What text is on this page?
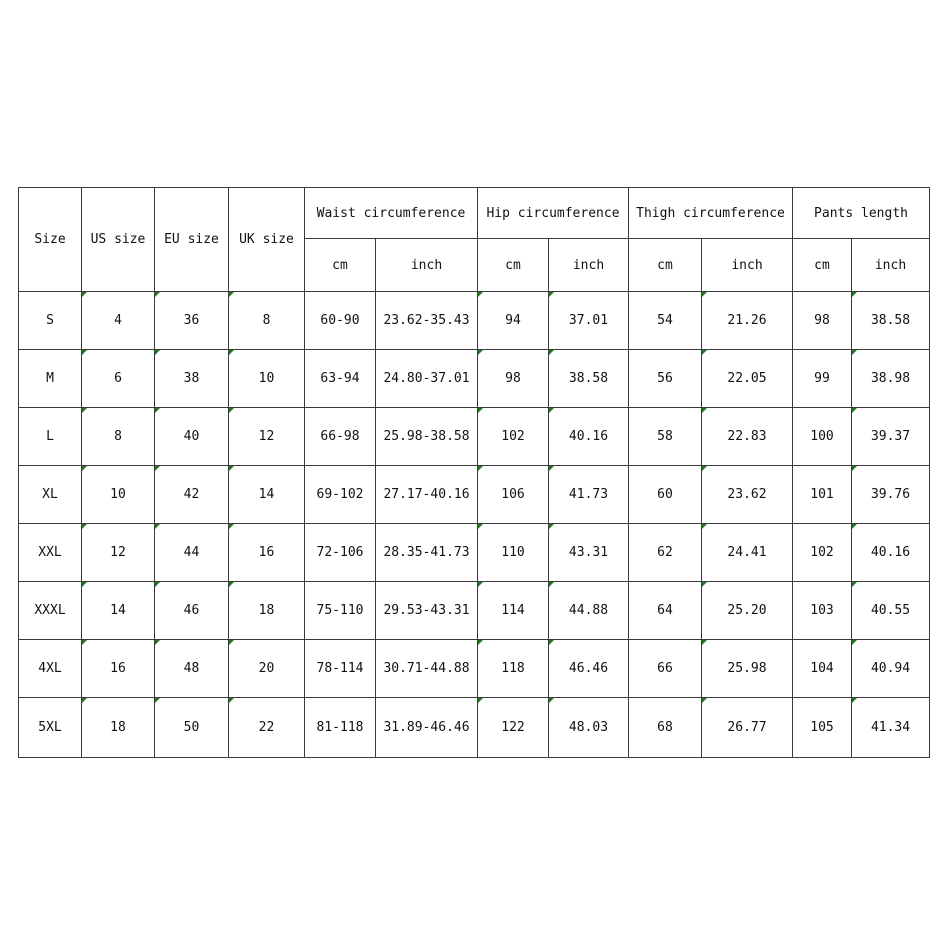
Size	US size	EU size	UK size	Waist circumference		Hip circumference		Thigh circumference		Pants length	
				cm	inch	cm	inch	cm	inch	cm	inch
S	4	36	8	60-90	23.62-35.43	94	37.01	54	21.26	98	38.58
M	6	38	10	63-94	24.80-37.01	98	38.58	56	22.05	99	38.98
L	8	40	12	66-98	25.98-38.58	102	40.16	58	22.83	100	39.37
XL	10	42	14	69-102	27.17-40.16	106	41.73	60	23.62	101	39.76
XXL	12	44	16	72-106	28.35-41.73	110	43.31	62	24.41	102	40.16
XXXL	14	46	18	75-110	29.53-43.31	114	44.88	64	25.20	103	40.55
4XL	16	48	20	78-114	30.71-44.88	118	46.46	66	25.98	104	40.94
5XL	18	50	22	81-118	31.89-46.46	122	48.03	68	26.77	105	41.34
